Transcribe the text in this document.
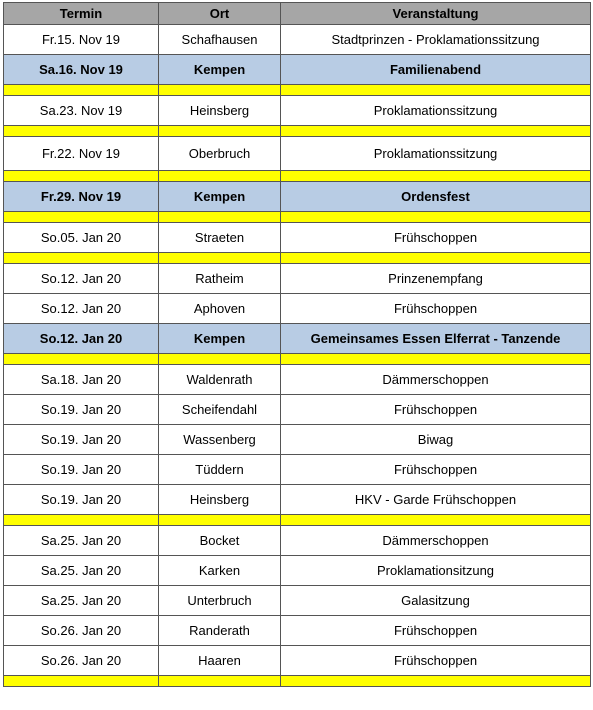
Termin	Ort	Veranstaltung
Fr.15. Nov 19	Schafhausen	Stadtprinzen - Proklamationssitzung
Sa.16. Nov 19	Kempen	Familienabend

Sa.23. Nov 19	Heinsberg	Proklamationssitzung

Fr.22. Nov 19	Oberbruch	Proklamationssitzung

Fr.29. Nov 19	Kempen	Ordensfest

So.05. Jan 20	Straeten	Frühschoppen

So.12. Jan 20	Ratheim	Prinzenempfang
So.12. Jan 20	Aphoven	Frühschoppen
So.12. Jan 20	Kempen	Gemeinsames Essen Elferrat - Tanzende

Sa.18. Jan 20	Waldenrath	Dämmerschoppen
So.19. Jan 20	Scheifendahl	Frühschoppen
So.19. Jan 20	Wassenberg	Biwag
So.19. Jan 20	Tüddern	Frühschoppen
So.19. Jan 20	Heinsberg	HKV - Garde Frühschoppen

Sa.25. Jan 20	Bocket	Dämmerschoppen
Sa.25. Jan 20	Karken	Proklamationsitzung
Sa.25. Jan 20	Unterbruch	Galasitzung
So.26. Jan 20	Randerath	Frühschoppen
So.26. Jan 20	Haaren	Frühschoppen
